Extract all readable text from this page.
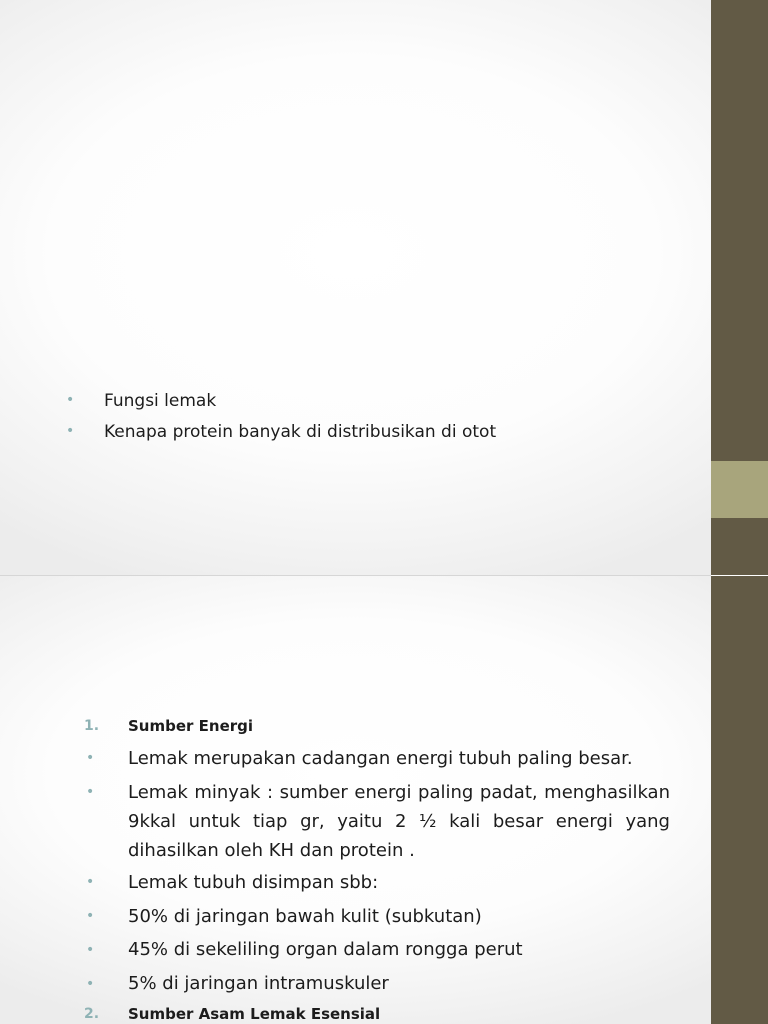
• Fungsi lemak
• Kenapa protein banyak di distribusikan di otot
1. Sumber Energi
• Lemak merupakan cadangan energi tubuh paling besar.
• Lemak minyak : sumber energi paling padat, menghasilkan 9kkal untuk tiap gr, yaitu 2 ½ kali besar energi yang dihasilkan oleh KH dan protein .
• Lemak tubuh disimpan sbb:
• 50% di jaringan bawah kulit (subkutan)
• 45% di sekeliling organ dalam rongga perut
• 5% di jaringan intramuskuler
2. Sumber Asam Lemak Esensial
